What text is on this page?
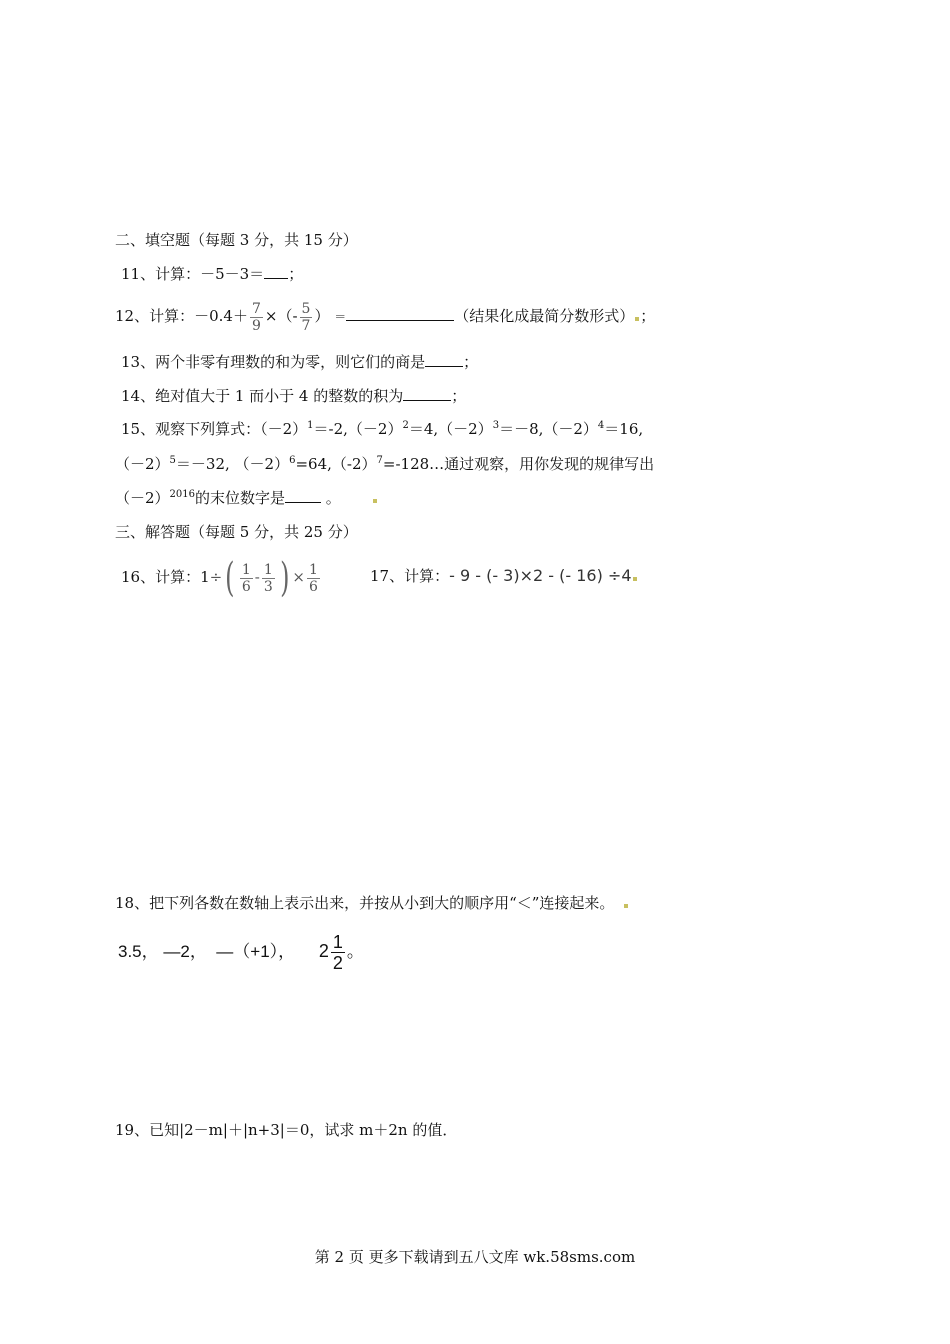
二、填空题（每题 3 分，共 15 分）
11、计算：－5－3＝ ；
12、计算：$-0.4+ \frac{7}{9}$ ×（- $\frac{5}{7}$ ） ＝	（结果化成最简分数形式） ；
13、两个非零有理数的和为零，则它们的商是	；
14、绝对值大于 1 而小于 4 的整数的积为	；
15、观察下列算式：$(-2)^1=-2,(-2)^2=4,(-2)^3=-8,(-2)^4=16$,
$(-2)^5=-32$, $(-2)^6=64,(-2)^7=-128\dots$通过观察，用你发现的规律写出
$(-2)^{2016}$的末位数字是	。
三、解答题（每题 5 分，共 25 分）
16、计算：$1\div( \frac{1}{6} - \frac{1}{3}$ ) × $\frac{1}{6}$	17、计算：- 9 - (- 3)×2 - (- 16) ÷4
18、把下列各数在数轴上表示出来，并按从小到大的顺序用“＜”连接起来。
3.5， —2， —（+1）， $2 \frac{1}{2}$ 。
19、已知|2－m|＋|n+3|＝0，试求 m＋2n 的值．
第 2 页 更多下载请到五八文库 wk.58sms.com
